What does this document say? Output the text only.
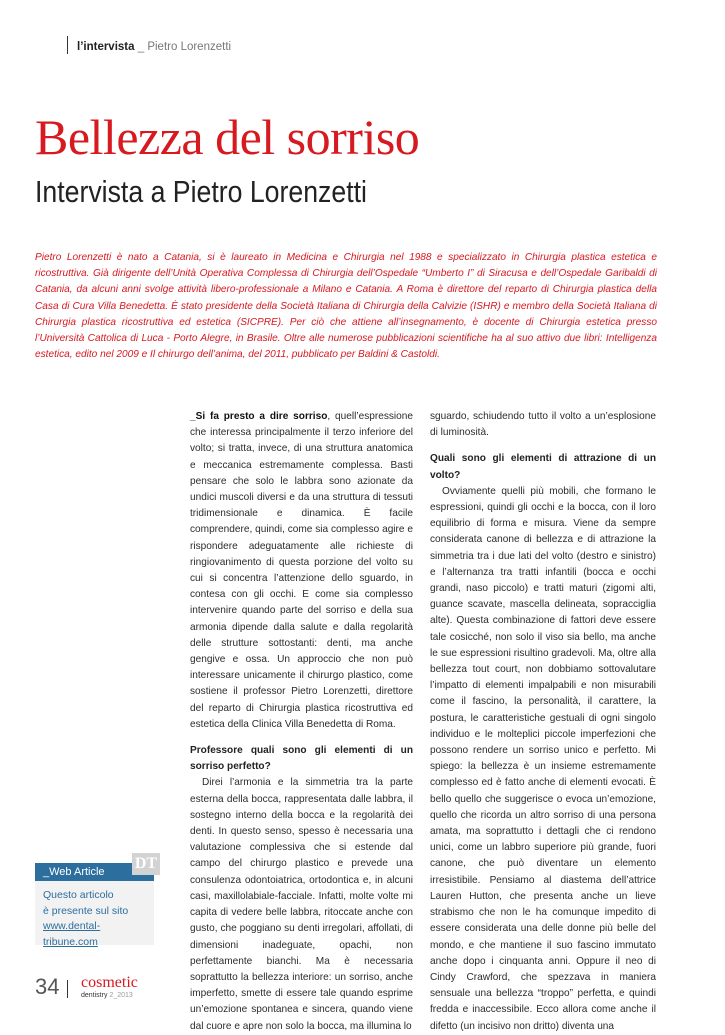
l’intervista _ Pietro Lorenzetti
Bellezza del sorriso
Intervista a Pietro Lorenzetti
Pietro Lorenzetti è nato a Catania, si è laureato in Medicina e Chirurgia nel 1988 e specializzato in Chirurgia plastica estetica e ricostruttiva. Già dirigente dell’Unità Operativa Complessa di Chirurgia dell’Ospedale “Umberto I” di Siracusa e dell’Ospedale Garibaldi di Catania, da alcuni anni svolge attività libero-professionale a Milano e Catania. A Roma è direttore del reparto di Chirurgia plastica della Casa di Cura Villa Benedetta. È stato presidente della Società Italiana di Chirurgia della Calvizie (ISHR) e membro della Società Italiana di Chirurgia plastica ricostruttiva ed estetica (SICPRE). Per ciò che attiene all’insegnamento, è docente di Chirurgia estetica presso l’Università Cattolica di Luca - Porto Alegre, in Brasile. Oltre alle numerose pubblicazioni scientifiche ha al suo attivo due libri: Intelligenza estetica, edito nel 2009 e Il chirurgo dell’anima, del 2011, pubblicato per Baldini & Castoldi.

_Si fa presto a dire sorriso, quell’espressione che interessa principalmente il terzo inferiore del volto; si tratta, invece, di una struttura anatomica e meccanica estremamente complessa. Basti pensare che solo le labbra sono azionate da undici muscoli diversi e da una struttura di tessuti tridimensionale e dinamica. È facile comprendere, quindi, come sia complesso agire e rispondere adeguatamente alle richieste di ringiovanimento di questa porzione del volto su cui si concentra l’attenzione dello sguardo, in contesa con gli occhi. E come sia complesso intervenire quando parte del sorriso e della sua armonia dipende dalla salute e dalla regolarità delle strutture sottostanti: denti, ma anche gengive e ossa. Un approccio che non può interessare unicamente il chirurgo plastico, come sostiene il professor Pietro Lorenzetti, direttore del reparto di Chirurgia plastica ricostruttiva ed estetica della Clinica Villa Benedetta di Roma.

Professore quali sono gli elementi di un sorriso perfetto?

Direi l’armonia e la simmetria tra la parte esterna della bocca, rappresentata dalle labbra, il sostegno interno della bocca e la regolarità dei denti. In questo senso, spesso è necessaria una valutazione complessiva che si estende dal campo del chirurgo plastico e prevede una consulenza odontoiatrica, ortodontica e, in alcuni casi, maxillolabiale-facciale. Infatti, molte volte mi capita di vedere belle labbra, ritoccate anche con gusto, che poggiano su denti irregolari, affollati, di dimensioni inadeguate, opachi, non perfettamente bianchi. Ma è necessaria soprattutto la bellezza interiore: un sorriso, anche imperfetto, smette di essere tale quando esprime un’emozione spontanea e sincera, quando viene dal cuore e apre non solo la bocca, ma illumina lo

sguardo, schiudendo tutto il volto a un’esplosione di luminosità.

Quali sono gli elementi di attrazione di un volto?

Ovviamente quelli più mobili, che formano le espressioni, quindi gli occhi e la bocca, con il loro equilibrio di forma e misura. Viene da sempre considerata canone di bellezza e di attrazione la simmetria tra i due lati del volto (destro e sinistro) e l’alternanza tra tratti infantili (bocca e occhi grandi, naso piccolo) e tratti maturi (zigomi alti, guance scavate, mascella delineata, sopracciglia alte). Questa combinazione di fattori deve essere tale cosicché, non solo il viso sia bello, ma anche le sue espressioni risultino gradevoli. Ma, oltre alla bellezza tout court, non dobbiamo sottovalutare l’impatto di elementi impalpabili e non misurabili come il fascino, la personalità, il carattere, la postura, le caratteristiche gestuali di ogni singolo individuo e le molteplici piccole imperfezioni che possono rendere un sorriso unico e perfetto. Mi spiego: la bellezza è un insieme estremamente complesso ed è fatto anche di elementi evocati. È bello quello che suggerisce o evoca un’emozione, quello che ricorda un altro sorriso di una persona amata, ma soprattutto i dettagli che ci rendono unici, come un labbro superiore più grande, fuori canone, che può diventare un elemento irresistibile. Pensiamo al diastema dell’attrice Lauren Hutton, che presenta anche un lieve strabismo che non le ha comunque impedito di essere considerata una delle donne più belle del mondo, e che mantiene il suo fascino immutato anche dopo i cinquanta anni. Oppure il neo di Cindy Crawford, che spezzava in maniera sensuale una bellezza “troppo” perfetta, e quindi fredda e inaccessibile. Ecco allora come anche il difetto (un incisivo non dritto) diventa una

_Web Article
Questo articolo
è presente sul sito
www.dental-tribune.com
DT
34 cosmetic
dentistry 2_2013
